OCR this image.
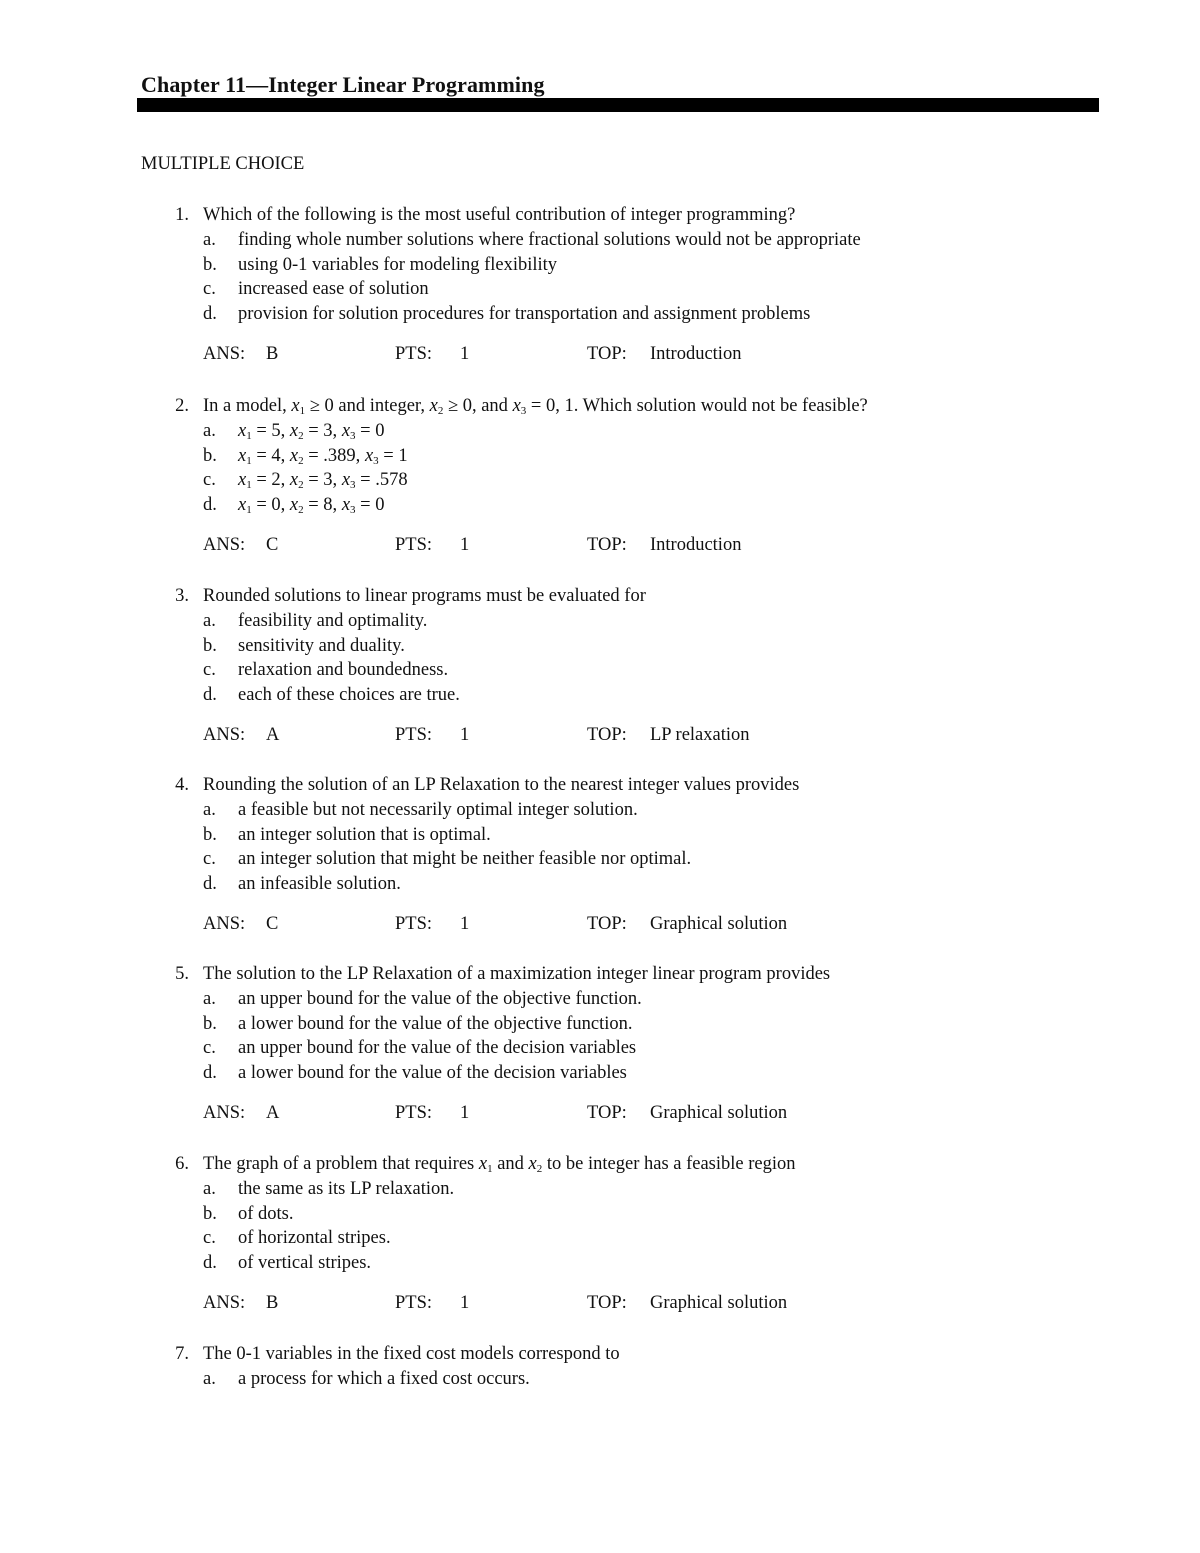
Chapter 11—Integer Linear Programming
MULTIPLE CHOICE
1. Which of the following is the most useful contribution of integer programming?
a. finding whole number solutions where fractional solutions would not be appropriate
b. using 0-1 variables for modeling flexibility
c. increased ease of solution
d. provision for solution procedures for transportation and assignment problems
ANS: B	PTS: 1	TOP: Introduction
2. In a model, $x_1 \ge 0$ and integer, $x_2 \ge 0$, and $x_3 = 0$, 1. Which solution would not be feasible?
a. $x_1 = 5$, $x_2 = 3$, $x_3 = 0$
b. $x_1 = 4$, $x_2 = .389$, $x_3 = 1$
c. $x_1 = 2$, $x_2 = 3$, $x_3 = .578$
d. $x_1 = 0$, $x_2 = 8$, $x_3 = 0$
ANS: C	PTS: 1	TOP: Introduction
3. Rounded solutions to linear programs must be evaluated for
a. feasibility and optimality.
b. sensitivity and duality.
c. relaxation and boundedness.
d. each of these choices are true.
ANS: A	PTS: 1	TOP: LP relaxation
4. Rounding the solution of an LP Relaxation to the nearest integer values provides
a. a feasible but not necessarily optimal integer solution.
b. an integer solution that is optimal.
c. an integer solution that might be neither feasible nor optimal.
d. an infeasible solution.
ANS: C	PTS: 1	TOP: Graphical solution
5. The solution to the LP Relaxation of a maximization integer linear program provides
a. an upper bound for the value of the objective function.
b. a lower bound for the value of the objective function.
c. an upper bound for the value of the decision variables
d. a lower bound for the value of the decision variables
ANS: A	PTS: 1	TOP: Graphical solution
6. The graph of a problem that requires $x_1$ and $x_2$ to be integer has a feasible region
a. the same as its LP relaxation.
b. of dots.
c. of horizontal stripes.
d. of vertical stripes.
ANS: B	PTS: 1	TOP: Graphical solution
7. The 0-1 variables in the fixed cost models correspond to
a. a process for which a fixed cost occurs.
